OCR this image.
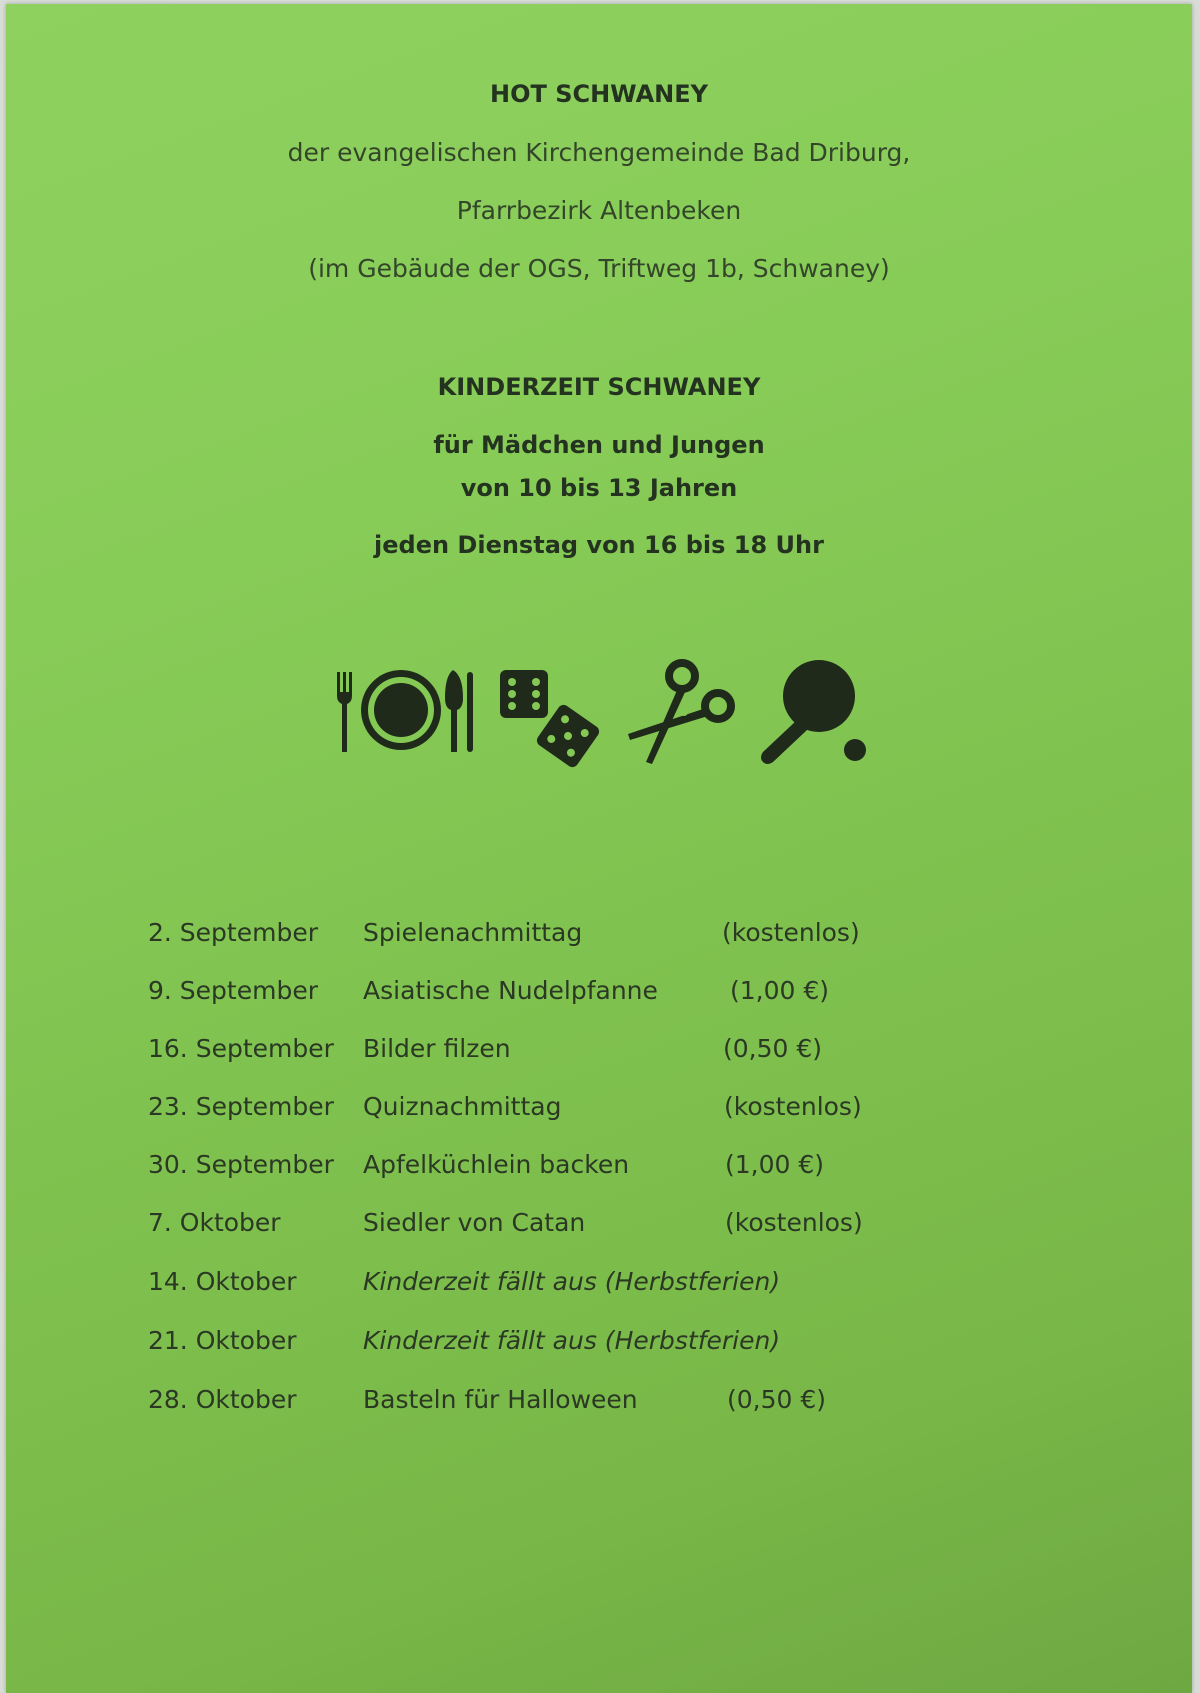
HOT SCHWANEY
der evangelischen Kirchengemeinde Bad Driburg,
Pfarrbezirk Altenbeken
(im Gebäude der OGS, Triftweg 1b, Schwaney)
KINDERZEIT SCHWANEY
für Mädchen und Jungen
von 10 bis 13 Jahren
jeden Dienstag von 16 bis 18 Uhr
2. September Spielenachmittag	(kostenlos)
9. September Asiatische Nudelpfanne	(1,00 €)
16. September Bilder filzen	(0,50 €)
23. September Quiznachmittag	(kostenlos)
30. September Apfelküchlein backen	(1,00 €)
7. Oktober	Siedler von Catan	(kostenlos)
14. Oktober	Kinderzeit fällt aus (Herbstferien)
21. Oktober	Kinderzeit fällt aus (Herbstferien)
28. Oktober	Basteln für Halloween	(0,50 €)
